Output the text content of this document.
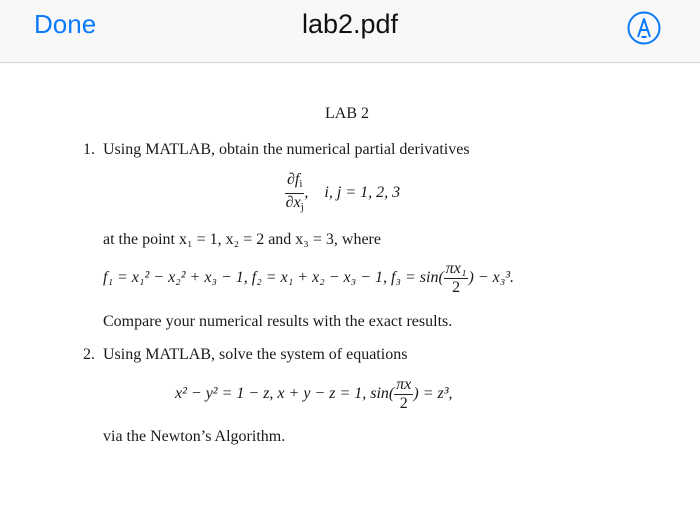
Done	lab2.pdf
LAB 2
1. Using MATLAB, obtain the numerical partial derivatives
$\frac{\partial f_i}{\partial x_j}$ , i, j = 1, 2, 3
at the point x₁ = 1, x₂ = 2 and x₃ = 3, where
f₁ = x₁² − x₂² + x₃ − 1, f₂ = x₁ + x₂ − x₃ − 1, $f_3 = \sin( \frac{\text{πx₁}}{2}$ ) − x₃³.
Compare your numerical results with the exact results.
2. Using MATLAB, solve the system of equations
x² − y² = 1 − z, x + y − z = 1, $\sin( \frac{\pi x}{2}$ ) = z³,
via the Newton’s Algorithm.
